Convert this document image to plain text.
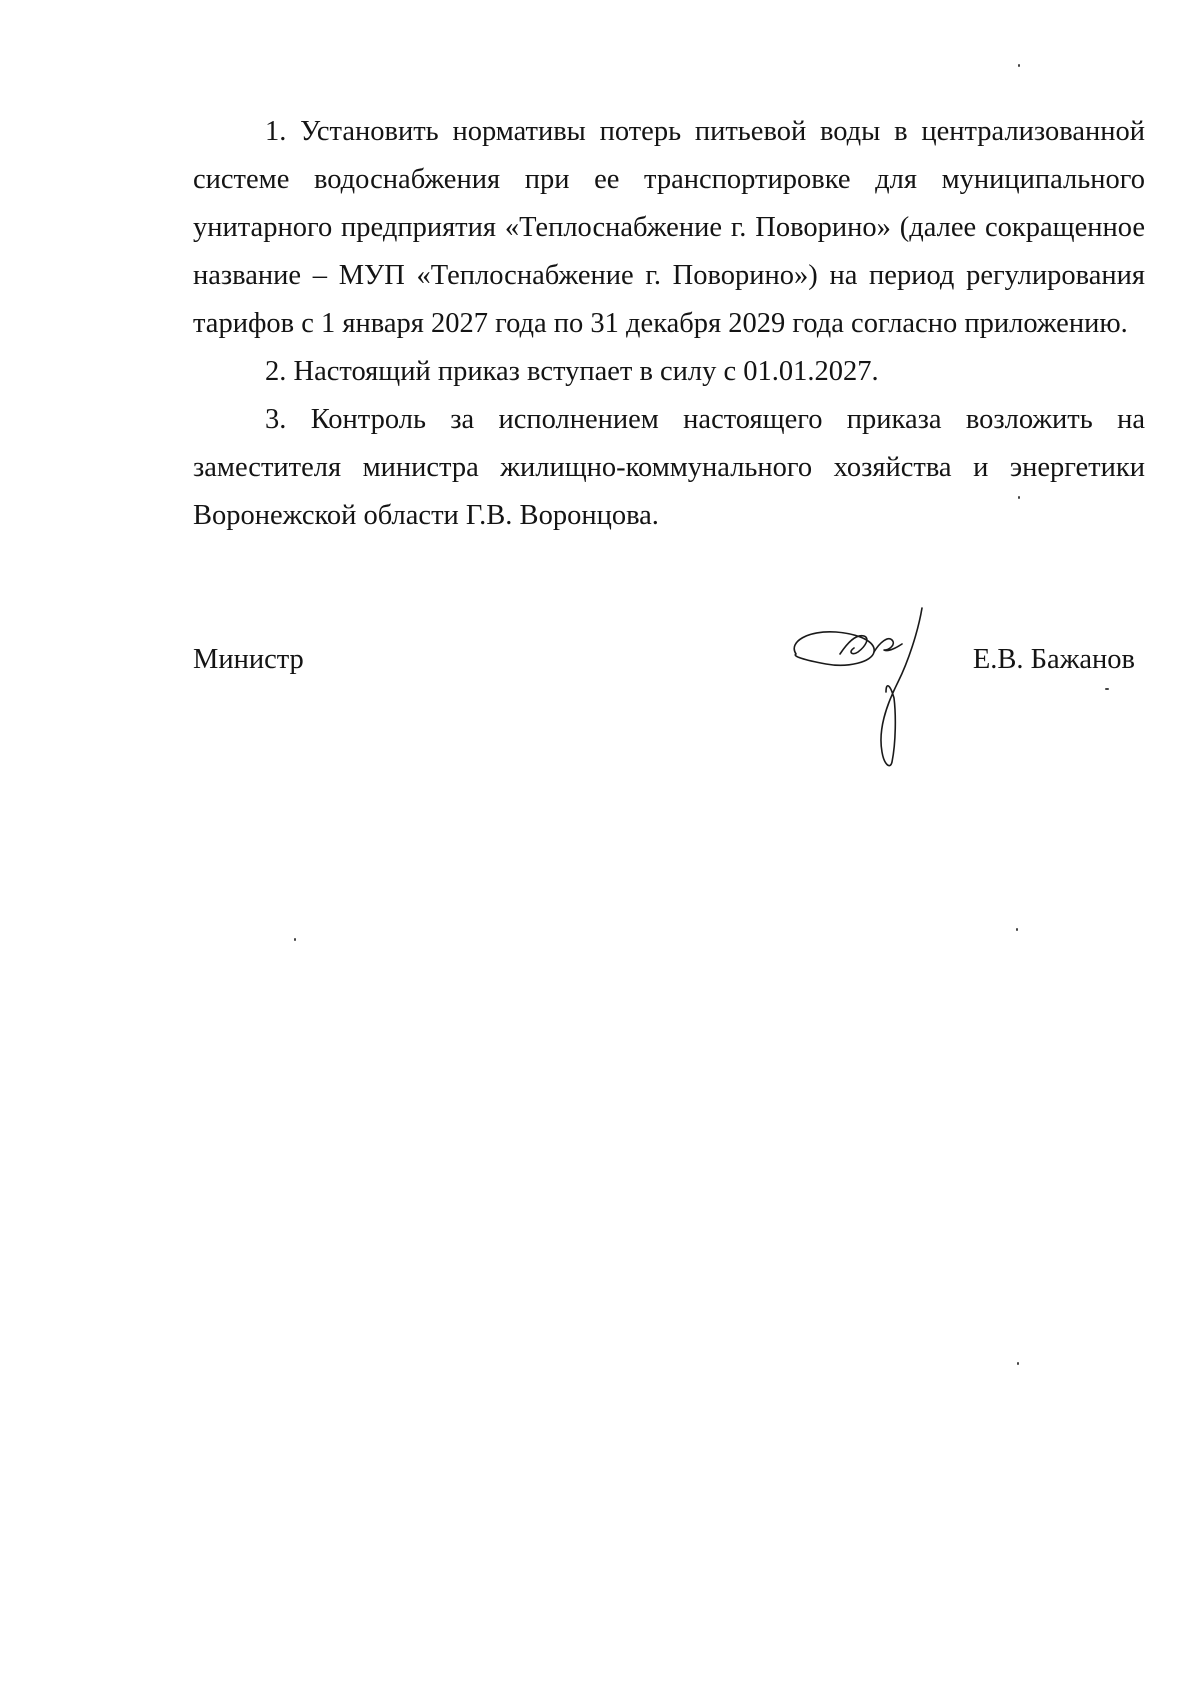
1. Установить нормативы потерь питьевой воды в централизованной системе водоснабжения при ее транспортировке для муниципального унитарного предприятия «Теплоснабжение г. Поворино» (далее сокращенное название – МУП «Теплоснабжение г. Поворино») на период регулирования тарифов с 1 января 2027 года по 31 декабря 2029 года согласно приложению.

2. Настоящий приказ вступает в силу с 01.01.2027.

3. Контроль за исполнением настоящего приказа возложить на заместителя министра жилищно-коммунального хозяйства и энергетики Воронежской области Г.В. Воронцова.

Министр	Е.В. Бажанов
